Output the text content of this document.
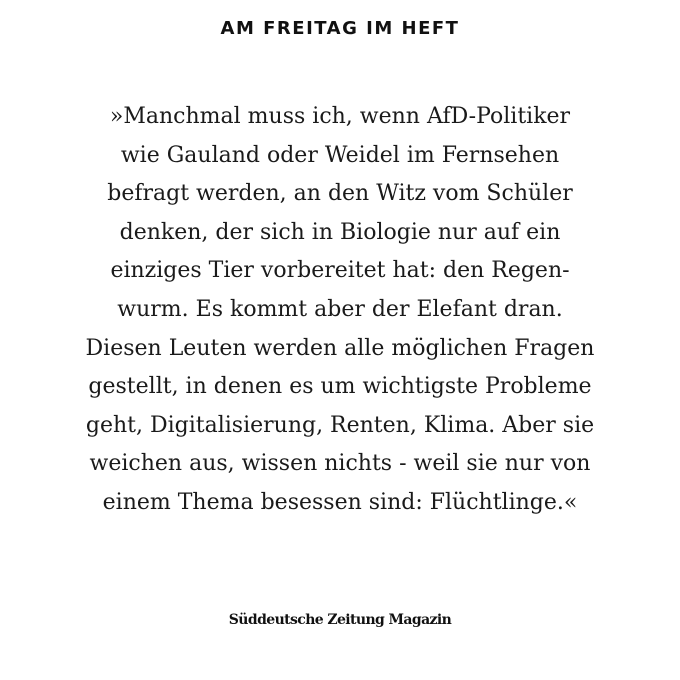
AM FREITAG IM HEFT
»Manchmal muss ich, wenn AfD-Politiker
wie Gauland oder Weidel im Fernsehen
befragt werden, an den Witz vom Schüler
denken, der sich in Biologie nur auf ein
einziges Tier vorbereitet hat: den Regen-
wurm. Es kommt aber der Elefant dran.
Diesen Leuten werden alle möglichen Fragen
gestellt, in denen es um wichtigste Probleme
geht, Digitalisierung, Renten, Klima. Aber sie
weichen aus, wissen nichts - weil sie nur von
einem Thema besessen sind: Flüchtlinge.«
Süddeutsche Zeitung Magazin
